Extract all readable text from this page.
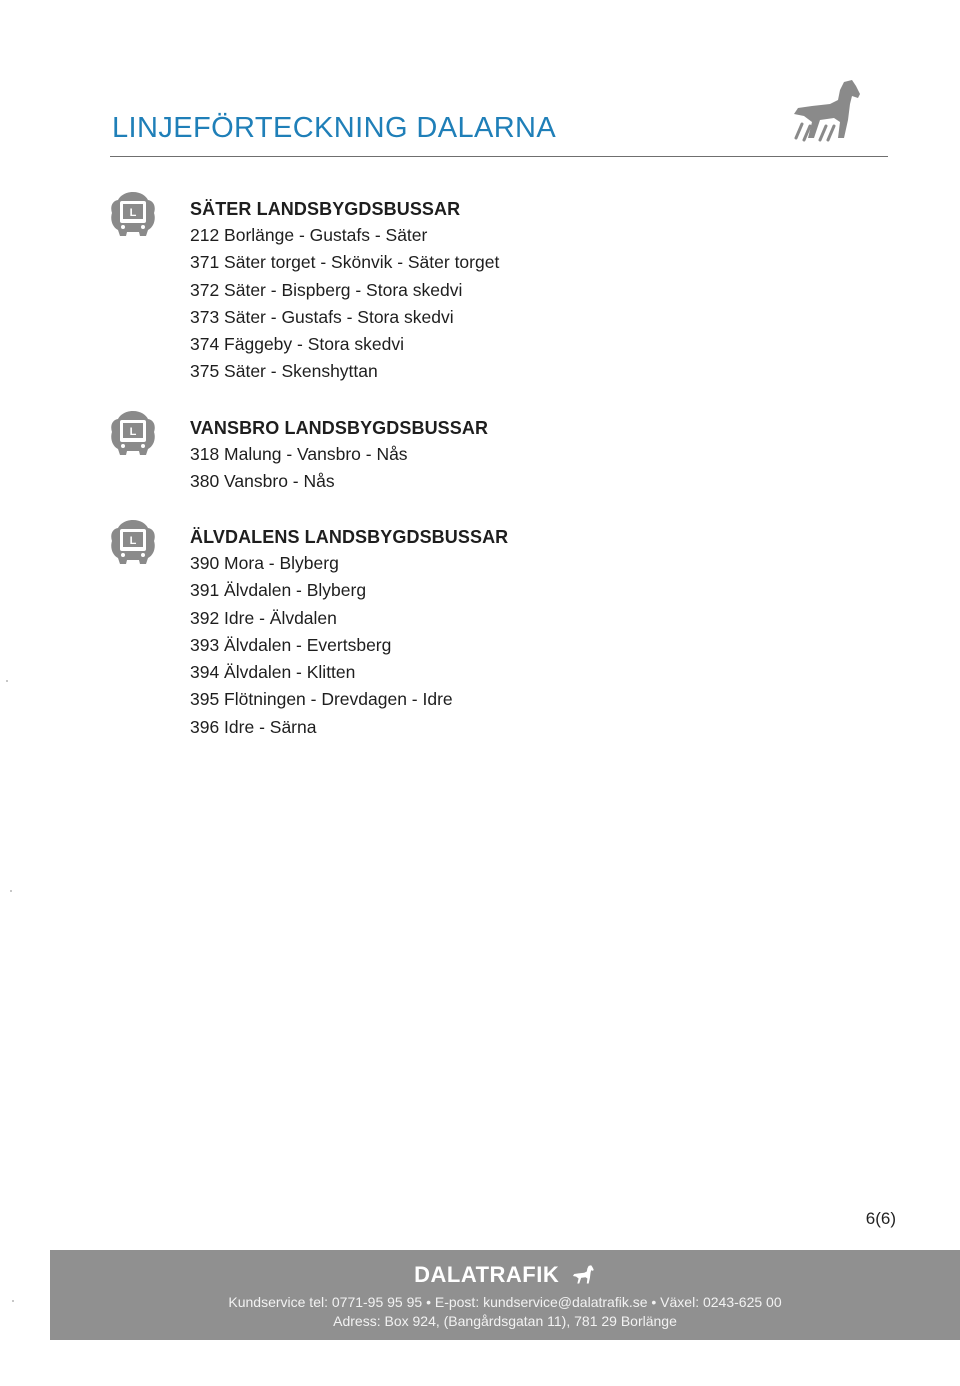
LINJEFÖRTECKNING DALARNA
L	SÄTER LANDSBYGDSBUSSAR
212 Borlänge - Gustafs - Säter
371 Säter torget - Skönvik - Säter torget
372 Säter - Bispberg - Stora skedvi
373 Säter - Gustafs - Stora skedvi
374 Fäggeby - Stora skedvi
375 Säter - Skenshyttan
L	VANSBRO LANDSBYGDSBUSSAR
318 Malung - Vansbro - Nås
380 Vansbro - Nås
L	ÄLVDALENS LANDSBYGDSBUSSAR
390 Mora - Blyberg
391 Älvdalen - Blyberg
392 Idre - Älvdalen
393 Älvdalen - Evertsberg
394 Älvdalen - Klitten
395 Flötningen - Drevdagen - Idre
396 Idre - Särna
6(6)
DALATRAFIK
Kundservice tel: 0771-95 95 95 • E-post: kundservice@dalatrafik.se • Växel: 0243-625 00
Adress: Box 924, (Bangårdsgatan 11), 781 29 Borlänge
